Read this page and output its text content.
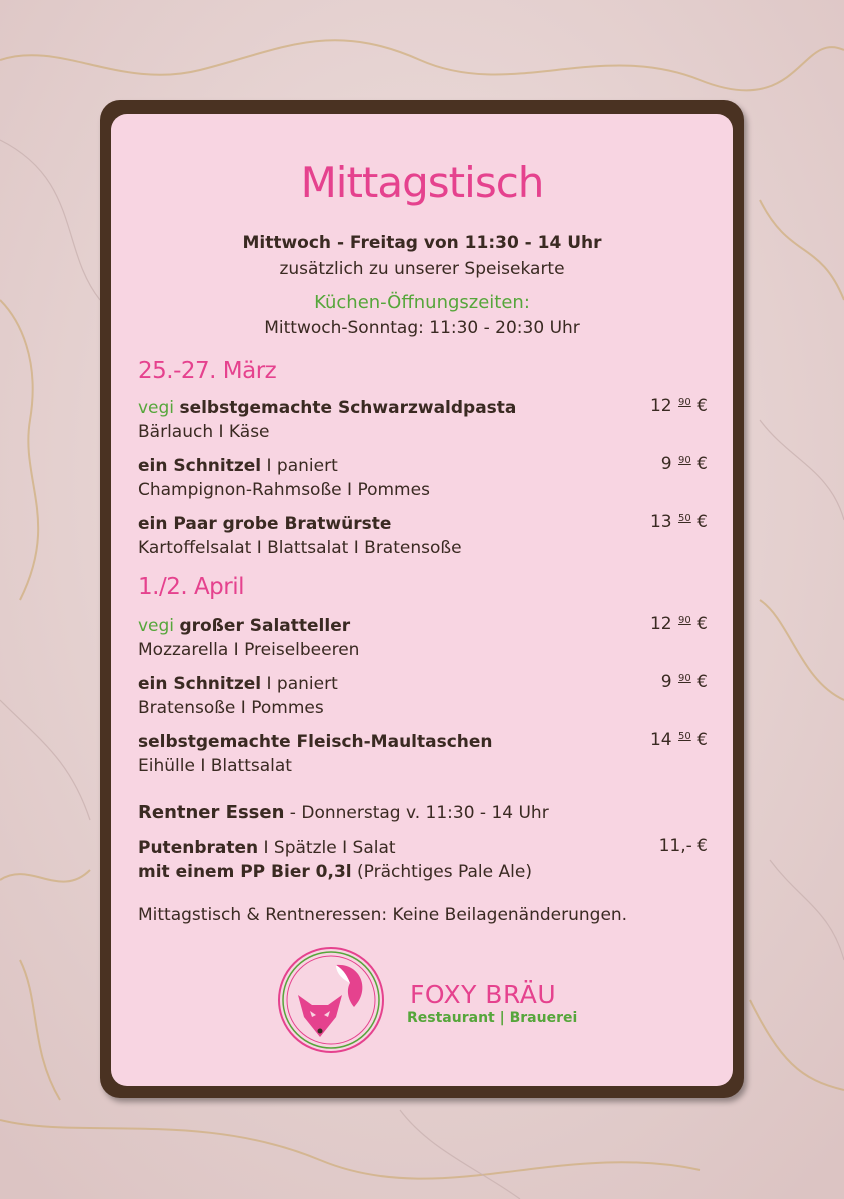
Mittagstisch
Mittwoch - Freitag von 11:30 - 14 Uhr
zusätzlich zu unserer Speisekarte
Küchen-Öffnungszeiten:
Mittwoch-Sonntag: 11:30 - 20:30 Uhr
25.-27. März
vegi selbstgemachte Schwarzwaldpasta
Bärlauch I Käse
12 $^{90}$ €
ein Schnitzel I paniert
Champignon-Rahmsoße I Pommes
9 $^{90}$ €
ein Paar grobe Bratwürste
Kartoffelsalat I Blattsalat I Bratensoße
13 $^{50}$ €
1./2. April
vegi großer Salatteller
Mozzarella I Preiselbeeren
12 $^{90}$ €
ein Schnitzel I paniert
Bratensoße I Pommes
9 $^{90}$ €
selbstgemachte Fleisch-Maultaschen
Eihülle I Blattsalat
14 $^{50}$ €
Rentner Essen - Donnerstag v. 11:30 - 14 Uhr
Putenbraten I Spätzle I Salat
mit einem PP Bier 0,3l (Prächtiges Pale Ale)
11,- €
Mittagstisch & Rentneressen: Keine Beilagenänderungen.
FOXY BRÄU
Restaurant | Brauerei
